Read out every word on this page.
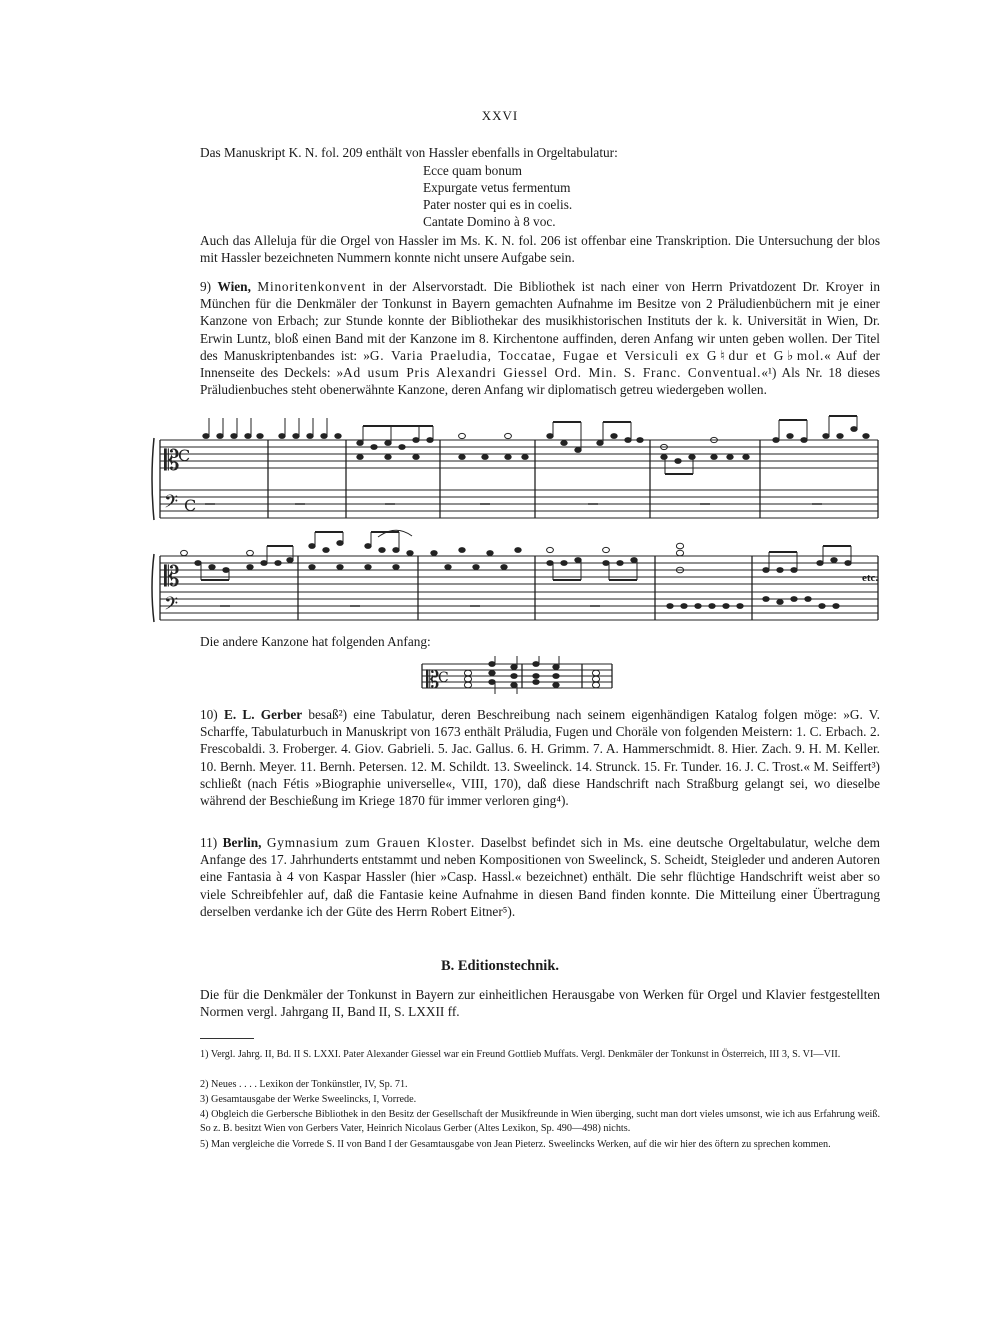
XXVI

Das Manuskript K. N. fol. 209 enthält von Hassler ebenfalls in Orgeltabulatur:

Ecce quam bonum
Expurgate vetus fermentum
Pater noster qui es in coelis.
Cantate Domino à 8 voc.

Auch das Alleluja für die Orgel von Hassler im Ms. K. N. fol. 206 ist offenbar eine Transkription. Die Untersuchung der blos mit Hassler bezeichneten Nummern konnte nicht unsere Aufgabe sein.

9) Wien, Minoritenkonvent in der Alservorstadt. Die Bibliothek ist nach einer von Herrn Privatdozent Dr. Kroyer in München für die Denkmäler der Tonkunst in Bayern gemachten Aufnahme im Besitze von 2 Präludienbüchern mit je einer Kanzone von Erbach; zur Stunde konnte der Bibliothekar des musikhistorischen Instituts der k. k. Universität in Wien, Dr. Erwin Luntz, bloß einen Band mit der Kanzone im 8. Kirchentone auffinden, deren Anfang wir unten geben wollen. Der Titel des Manuskriptenbandes ist: »G. Varia Praeludia, Toccatae, Fugae et Versiculi ex G♮dur et G♭mol.« Auf der Innenseite des Deckels: »Ad usum Pris Alexandri Giessel Ord. Min. S. Franc. Conventual.«¹) Als Nr. 18 dieses Präludienbuches steht obenerwähnte Kanzone, deren Anfang wir diplomatisch getreu wiedergeben wollen.

𝄡
C
𝄢 C
𝄡
𝄢
etc.

Die andere Kanzone hat folgenden Anfang:

𝄡
C

10) E. L. Gerber besaß²) eine Tabulatur, deren Beschreibung nach seinem eigenhändigen Katalog folgen möge: »G. V. Scharffe, Tabulaturbuch in Manuskript von 1673 enthält Präludia, Fugen und Choräle von folgenden Meistern: 1. C. Erbach. 2. Frescobaldi. 3. Froberger. 4. Giov. Gabrieli. 5. Jac. Gallus. 6. H. Grimm. 7. A. Hammerschmidt. 8. Hier. Zach. 9. H. M. Keller. 10. Bernh. Meyer. 11. Bernh. Petersen. 12. M. Schildt. 13. Sweelinck. 14. Strunck. 15. Fr. Tunder. 16. J. C. Trost.« M. Seiffert³) schließt (nach Fétis »Biographie universelle«, VIII, 170), daß diese Handschrift nach Straßburg gelangt sei, wo dieselbe während der Beschießung im Kriege 1870 für immer verloren ging⁴).

11) Berlin, Gymnasium zum Grauen Kloster. Daselbst befindet sich in Ms. eine deutsche Orgeltabulatur, welche dem Anfange des 17. Jahrhunderts entstammt und neben Kompositionen von Sweelinck, S. Scheidt, Steigleder und anderen Autoren eine Fantasia à 4 von Kaspar Hassler (hier »Casp. Hassl.« bezeichnet) enthält. Die sehr flüchtige Handschrift weist aber so viele Schreibfehler auf, daß die Fantasie keine Aufnahme in diesen Band finden konnte. Die Mitteilung einer Übertragung derselben verdanke ich der Güte des Herrn Robert Eitner⁵).

B. Editionstechnik.

Die für die Denkmäler der Tonkunst in Bayern zur einheitlichen Herausgabe von Werken für Orgel und Klavier festgestellten Normen vergl. Jahrgang II, Band II, S. LXXII ff.

1) Vergl. Jahrg. II, Bd. II S. LXXI. Pater Alexander Giessel war ein Freund Gottlieb Muffats. Vergl. Denkmäler der Tonkunst in Österreich, III 3, S. VI—VII.

2) Neues . . . . Lexikon der Tonkünstler, IV, Sp. 71.

3) Gesamtausgabe der Werke Sweelincks, I, Vorrede.

4) Obgleich die Gerbersche Bibliothek in den Besitz der Gesellschaft der Musikfreunde in Wien überging, sucht man dort vieles umsonst, wie ich aus Erfahrung weiß. So z. B. besitzt Wien von Gerbers Vater, Heinrich Nicolaus Gerber (Altes Lexikon, Sp. 490—498) nichts.

5) Man vergleiche die Vorrede S. II von Band I der Gesamtausgabe von Jean Pieterz. Sweelincks Werken, auf die wir hier des öftern zu sprechen kommen.
